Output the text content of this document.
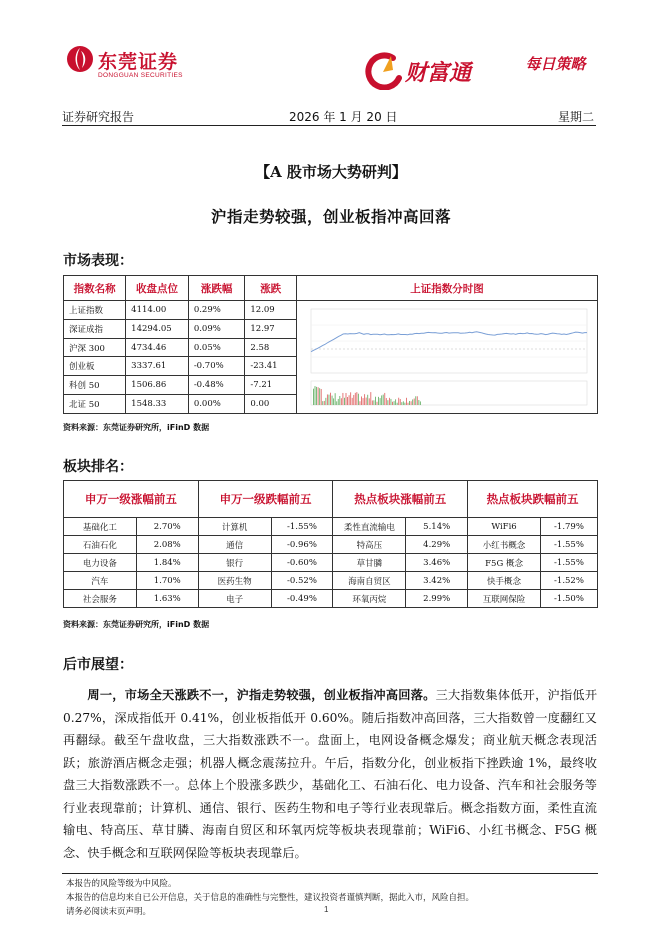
东莞证券
DONGGUAN SECURITIES	财富通	每日策略
证券研究报告	2026 年 1 月 20 日	星期二
【A 股市场大势研判】
沪指走势较强，创业板指冲高回落
市场表现：
指数名称	收盘点位	涨跌幅	涨跌	上证指数分时图
上证指数	4114.00	0.29%	12.09	
深证成指	14294.05	0.09%	12.97	
沪深 300	4734.46	0.05%	2.58	
创业板	3337.61	-0.70%	-23.41	
科创 50	1506.86	-0.48%	-7.21	
北证 50	1548.33	0.00%	0.00	
资料来源：东莞证券研究所，iFinD 数据
板块排名：
申万一级涨幅前五		申万一级跌幅前五		热点板块涨幅前五		热点板块跌幅前五	
基础化工	2.70%	计算机	-1.55%	柔性直流输电	5.14%	WiFi6	-1.79%
石油石化	2.08%	通信	-0.96%	特高压	4.29%	小红书概念	-1.55%
电力设备	1.84%	银行	-0.60%	草甘膦	3.46%	F5G 概念	-1.55%
汽车	1.70%	医药生物	-0.52%	海南自贸区	3.42%	快手概念	-1.52%
社会服务	1.63%	电子	-0.49%	环氧丙烷	2.99%	互联网保险	-1.50%
资料来源：东莞证券研究所，iFinD 数据
后市展望：
周一，市场全天涨跌不一，沪指走势较强，创业板指冲高回落。三大指数集体低开，沪指低开 0.27%，深成指低开 0.41%，创业板指低开 0.60%。随后指数冲高回落，三大指数曾一度翻红又再翻绿。截至午盘收盘，三大指数涨跌不一。盘面上，电网设备概念爆发；商业航天概念表现活跃；旅游酒店概念走强；机器人概念震荡拉升。午后，指数分化，创业板指下挫跌逾 1%，最终收盘三大指数涨跌不一。总体上个股涨多跌少，基础化工、石油石化、电力设备、汽车和社会服务等行业表现靠前；计算机、通信、银行、医药生物和电子等行业表现靠后。概念指数方面，柔性直流输电、特高压、草甘膦、海南自贸区和环氧丙烷等板块表现靠前；WiFi6、小红书概念、F5G 概念、快手概念和互联网保险等板块表现靠后。
本报告的风险等级为中风险。
本报告的信息均来自已公开信息，关于信息的准确性与完整性，建议投资者谨慎判断，据此入市，风险自担。
请务必阅读末页声明。	1
